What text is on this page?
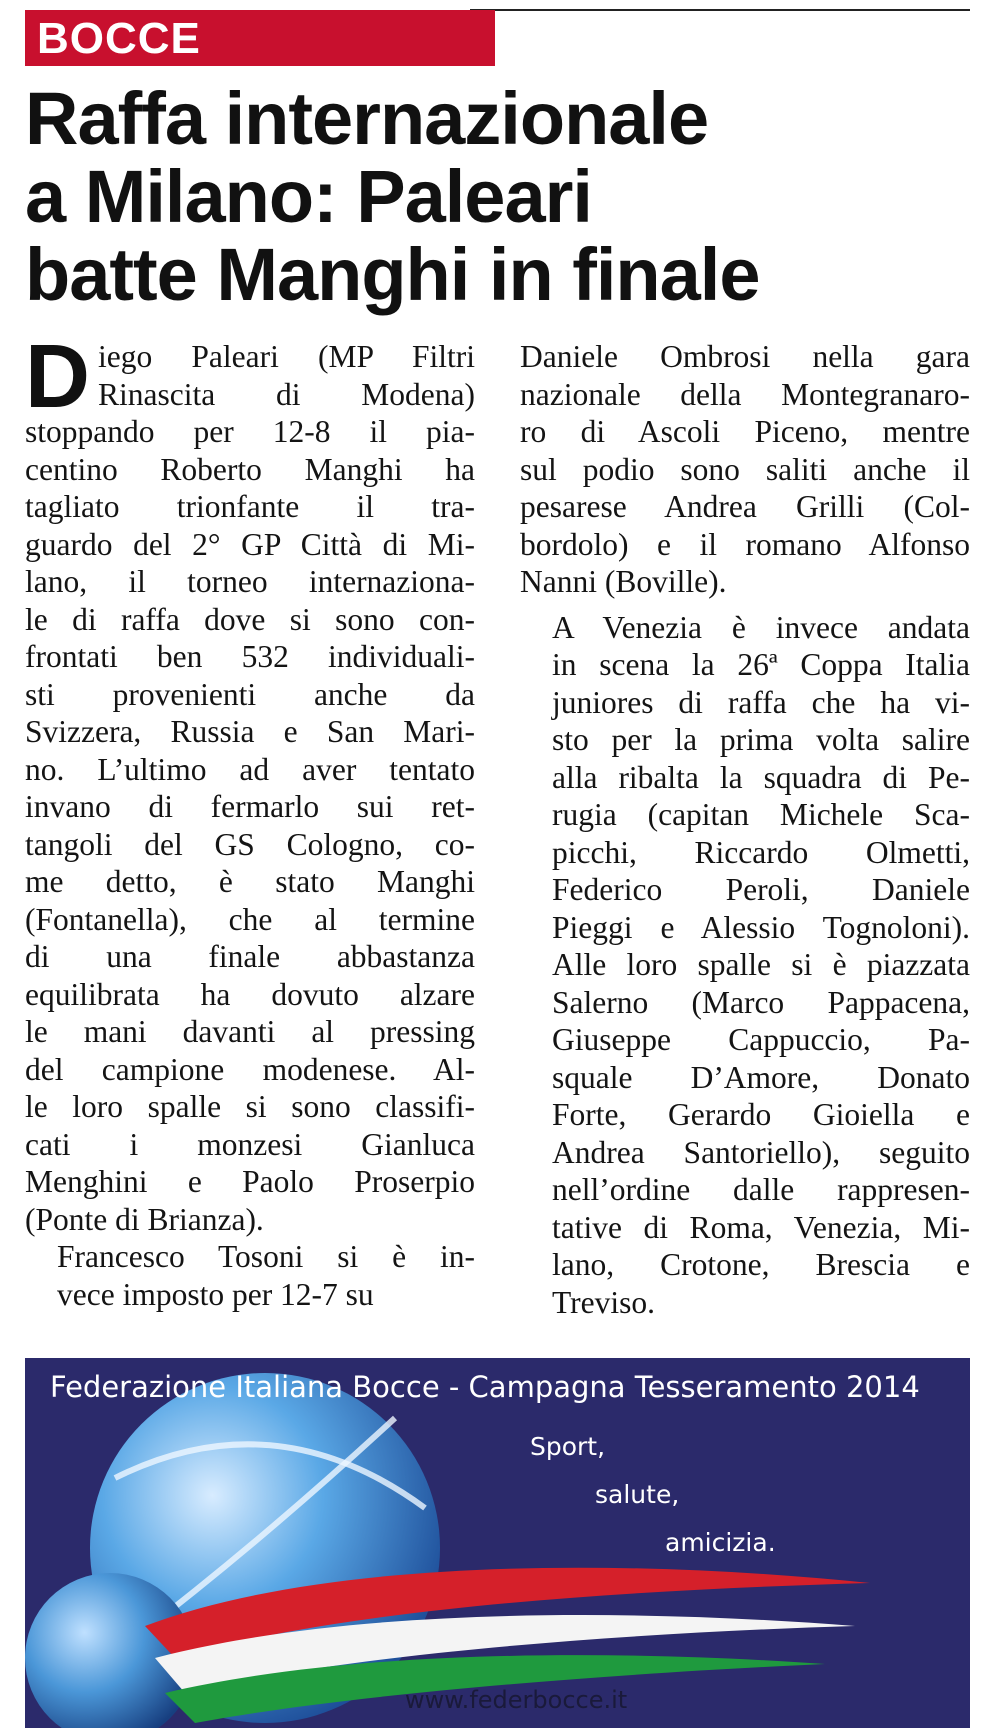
BOCCE
Raffa internazionale
a Milano: Paleari
batte Manghi in finale

D iego Paleari (MP Filtri
Rinascita di Modena)
stoppando per 12-8 il pia-
centino Roberto Manghi ha
tagliato trionfante il tra-
guardo del 2° GP Città di Mi-
lano, il torneo internaziona-
le di raffa dove si sono con-
frontati ben 532 individuali-
sti provenienti anche da
Svizzera, Russia e San Mari-
no. L’ultimo ad aver tentato
invano di fermarlo sui ret-
tangoli del GS Cologno, co-
me detto, è stato Manghi
(Fontanella), che al termine
di una finale abbastanza
equilibrata ha dovuto alzare
le mani davanti al pressing
del campione modenese. Al-
le loro spalle si sono classifi-
cati i monzesi Gianluca
Menghini e Paolo Proserpio
(Ponte di Brianza).

Francesco Tosoni si è in-
vece imposto per 12-7 su

Daniele Ombrosi nella gara
nazionale della Montegranaro-
ro di Ascoli Piceno, mentre
sul podio sono saliti anche il
pesarese Andrea Grilli (Col-
bordolo) e il romano Alfonso
Nanni (Boville).

A Venezia è invece andata
in scena la 26ª Coppa Italia
juniores di raffa che ha vi-
sto per la prima volta salire
alla ribalta la squadra di Pe-
rugia (capitan Michele Sca-
picchi, Riccardo Olmetti,
Federico Peroli, Daniele
Pieggi e Alessio Tognoloni).
Alle loro spalle si è piazzata
Salerno (Marco Pappacena,
Giuseppe Cappuccio, Pa-
squale D’Amore, Donato
Forte, Gerardo Gioiella e
Andrea Santoriello), seguito
nell’ordine dalle rappresen-
tative di Roma, Venezia, Mi-
lano, Crotone, Brescia e
Treviso.

Federazione Italiana Bocce - Campagna Tesseramento 2014
Sport,
salute,
amicizia.
www.federbocce.it
